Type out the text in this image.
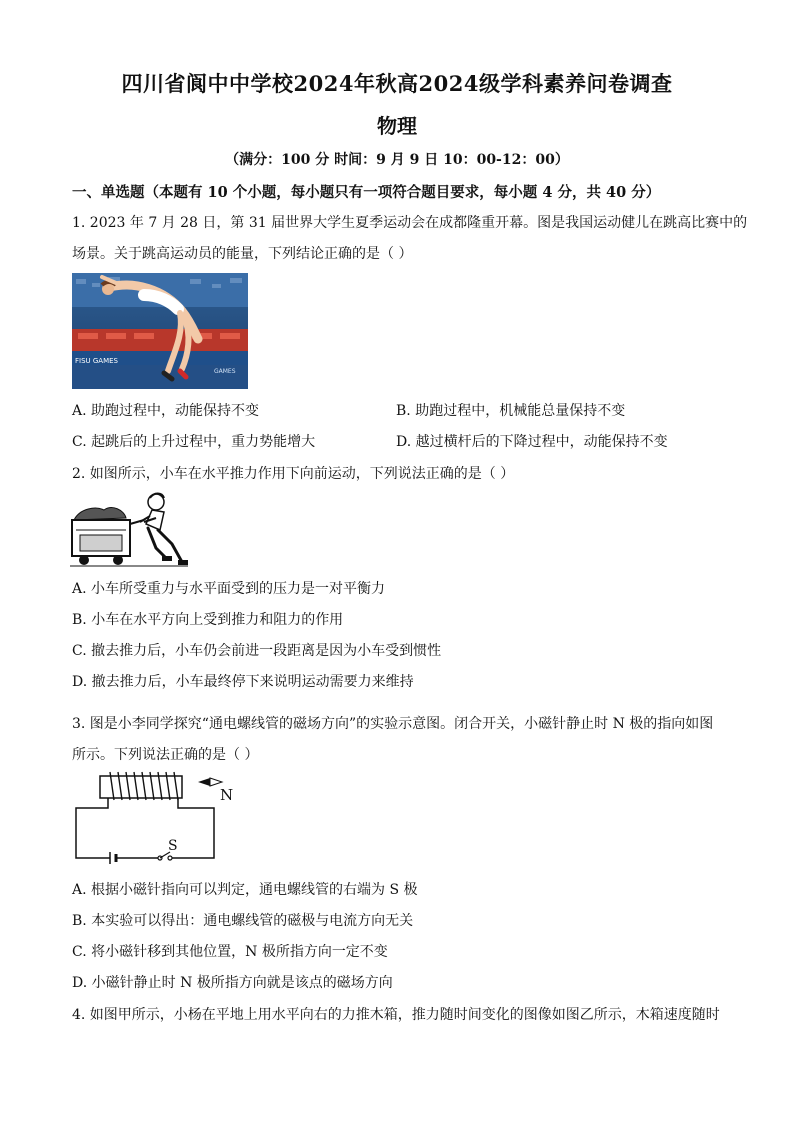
四川省阆中中学校2024年秋高2024级学科素养问卷调查
物理
（满分：100 分 时间：9 月 9 日 10：00-12：00）
一、单选题（本题有 10 个小题，每小题只有一项符合题目要求，每小题 4 分，共 40 分）
1. 2023 年 7 月 28 日，第 31 届世界大学生夏季运动会在成都隆重开幕。图是我国运动健儿在跳高比赛中的
场景。关于跳高运动员的能量，下列结论正确的是（ ）
FISU GAMES
GAMES
A. 助跑过程中，动能保持不变	B. 助跑过程中，机械能总量保持不变
C. 起跳后的上升过程中，重力势能增大	D. 越过横杆后的下降过程中，动能保持不变
2. 如图所示，小车在水平推力作用下向前运动，下列说法正确的是（ ）
A. 小车所受重力与水平面受到的压力是一对平衡力
B. 小车在水平方向上受到推力和阻力的作用
C. 撤去推力后，小车仍会前进一段距离是因为小车受到惯性
D. 撤去推力后，小车最终停下来说明运动需要力来维持
3. 图是小李同学探究“通电螺线管的磁场方向”的实验示意图。闭合开关，小磁针静止时 N 极的指向如图
所示。下列说法正确的是（ ）
S
N
A. 根据小磁针指向可以判定，通电螺线管的右端为 S 极
B. 本实验可以得出：通电螺线管的磁极与电流方向无关
C. 将小磁针移到其他位置，N 极所指方向一定不变
D. 小磁针静止时 N 极所指方向就是该点的磁场方向
4. 如图甲所示，小杨在平地上用水平向右的力推木箱，推力随时间变化的图像如图乙所示，木箱速度随时
